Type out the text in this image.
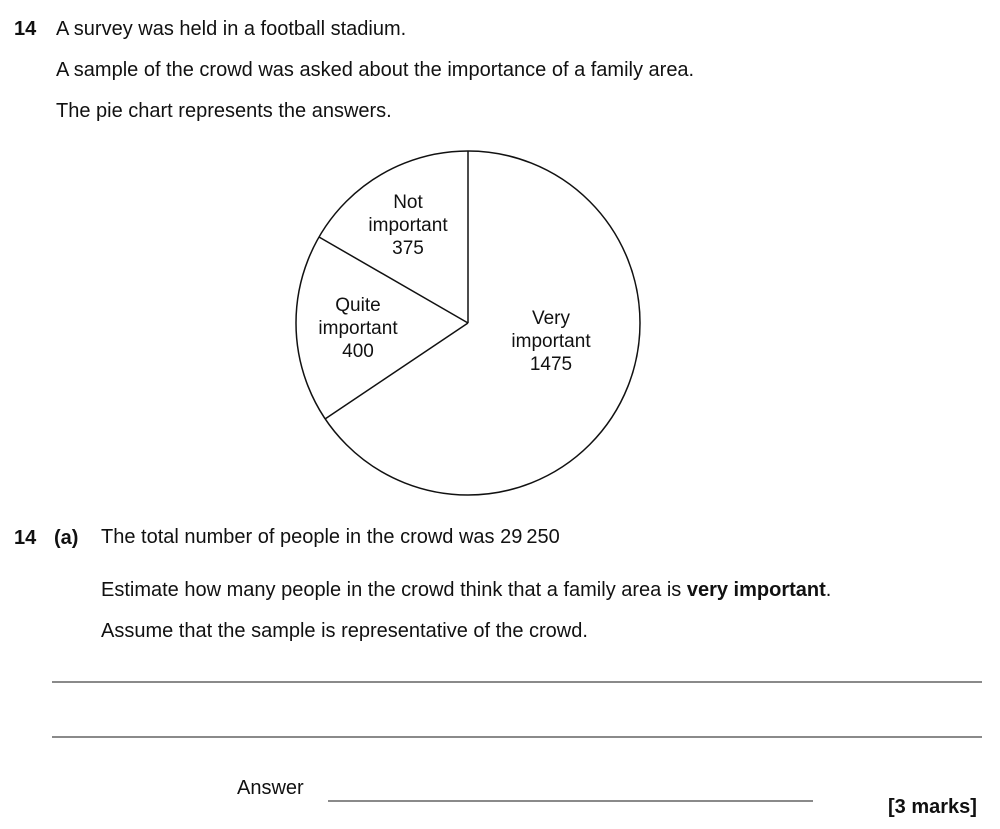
14 A survey was held in a football stadium.
A sample of the crowd was asked about the importance of a family area.
The pie chart represents the answers.
Not
important
375
Quite
important
400
Very
important
1475
14 (a) The total number of people in the crowd was 29 250
Estimate how many people in the crowd think that a family area is very important.
Assume that the sample is representative of the crowd.
Answer
[3 marks]
